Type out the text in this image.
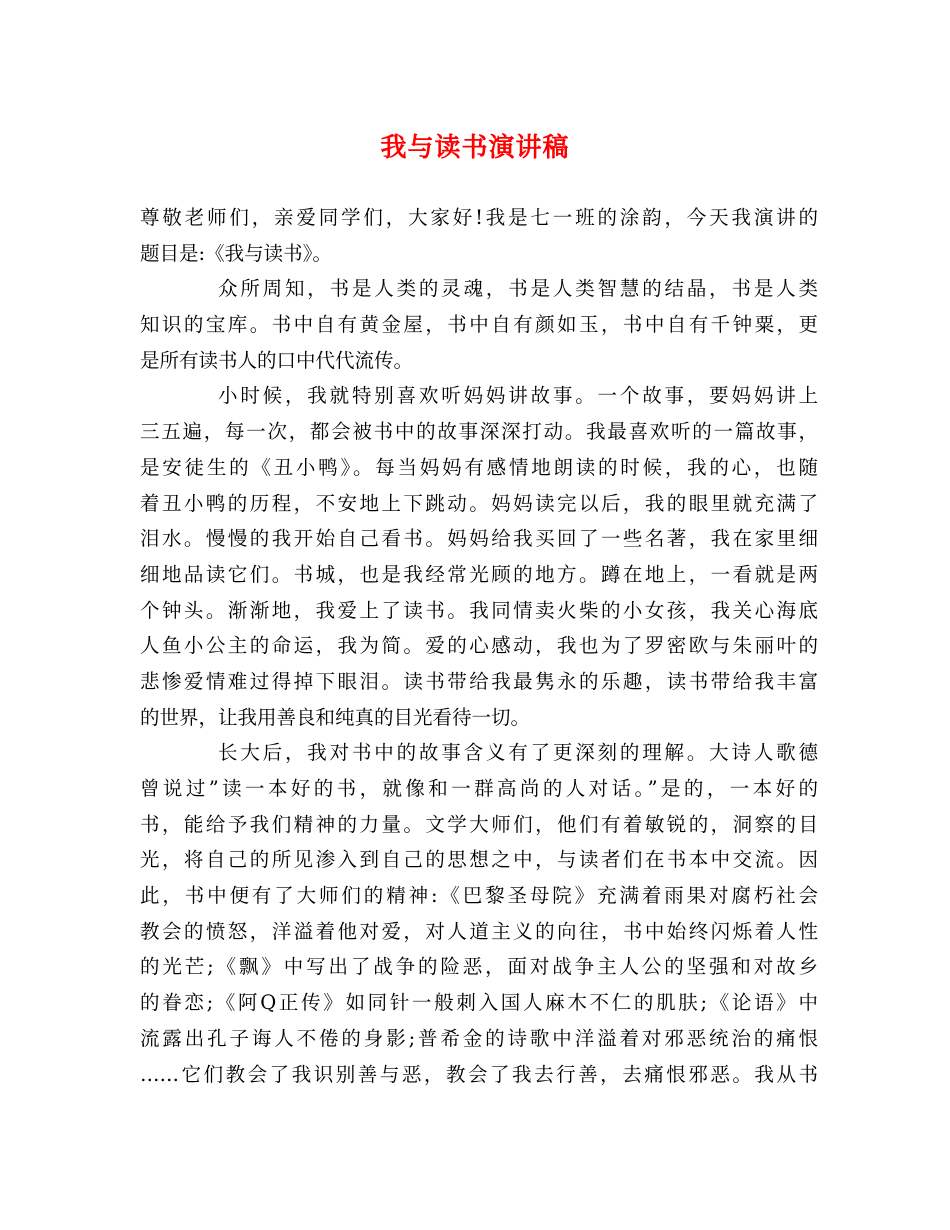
我与读书演讲稿
尊敬老师们，亲爱同学们，大家好!我是七一班的涂韵，今天我演讲的
题目是:《我与读书》。
众所周知，书是人类的灵魂，书是人类智慧的结晶，书是人类
知识的宝库。书中自有黄金屋，书中自有颜如玉，书中自有千钟粟，更
是所有读书人的口中代代流传。
小时候，我就特别喜欢听妈妈讲故事。一个故事，要妈妈讲上
三五遍，每一次，都会被书中的故事深深打动。我最喜欢听的一篇故事，
是安徒生的《丑小鸭》。每当妈妈有感情地朗读的时候，我的心，也随
着丑小鸭的历程，不安地上下跳动。妈妈读完以后，我的眼里就充满了
泪水。慢慢的我开始自己看书。妈妈给我买回了一些名著，我在家里细
细地品读它们。书城，也是我经常光顾的地方。蹲在地上，一看就是两
个钟头。渐渐地，我爱上了读书。我同情卖火柴的小女孩，我关心海底
人鱼小公主的命运，我为简。爱的心感动，我也为了罗密欧与朱丽叶的
悲惨爱情难过得掉下眼泪。读书带给我最隽永的乐趣，读书带给我丰富
的世界，让我用善良和纯真的目光看待一切。
长大后，我对书中的故事含义有了更深刻的理解。大诗人歌德
曾说过”读一本好的书，就像和一群高尚的人对话。”是的，一本好的
书，能给予我们精神的力量。文学大师们，他们有着敏锐的，洞察的目
光，将自己的所见渗入到自己的思想之中，与读者们在书本中交流。因
此，书中便有了大师们的精神:《巴黎圣母院》充满着雨果对腐朽社会
教会的愤怒，洋溢着他对爱，对人道主义的向往，书中始终闪烁着人性
的光芒;《飘》中写出了战争的险恶，面对战争主人公的坚强和对故乡
的眷恋;《阿Q正传》如同针一般刺入国人麻木不仁的肌肤;《论语》中
流露出孔子诲人不倦的身影;普希金的诗歌中洋溢着对邪恶统治的痛恨
……它们教会了我识别善与恶，教会了我去行善，去痛恨邪恶。我从书
